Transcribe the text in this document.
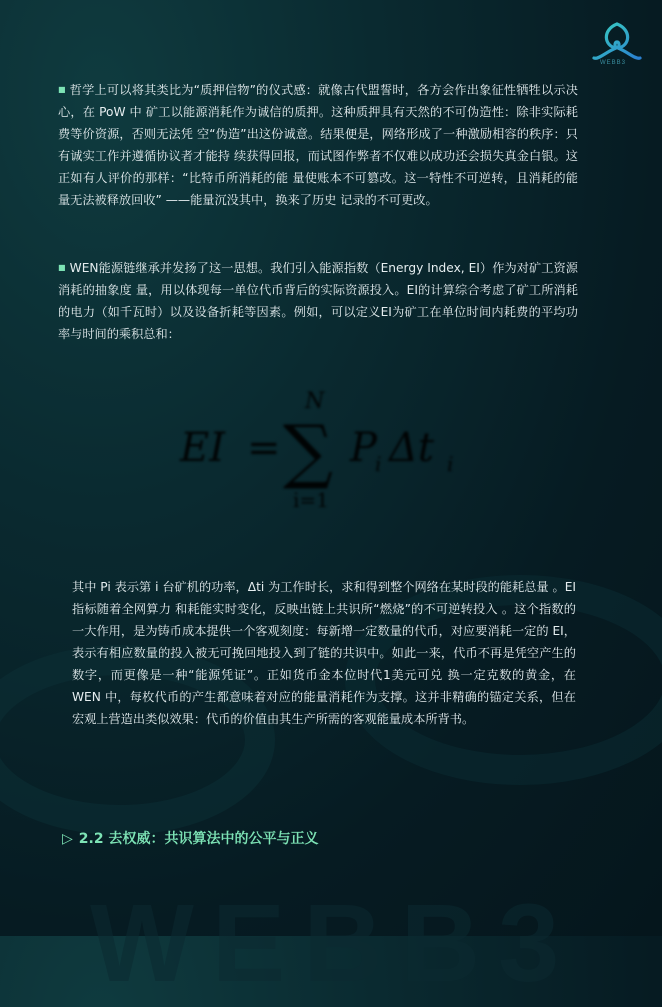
WEBB3
WEBB3
■ 哲学上可以将其类比为“质押信物”的仪式感：就像古代盟誓时，各方会作出象征性牺牲以示决心，在 PoW 中 矿工以能源消耗作为诚信的质押。这种质押具有天然的不可伪造性：除非实际耗费等价资源，否则无法凭 空“伪造”出这份诚意。结果便是，网络形成了一种激励相容的秩序：只有诚实工作并遵循协议者才能持 续获得回报，而试图作弊者不仅难以成功还会损失真金白银。这正如有人评价的那样：“比特币所消耗的能 量使账本不可篡改。这一特性不可逆转，且消耗的能量无法被释放回收” ——能量沉没其中，换来了历史 记录的不可更改。
■ WEN能源链继承并发扬了这一思想。我们引入能源指数（Energy Index, EI）作为对矿工资源消耗的抽象度 量，用以体现每一单位代币背后的实际资源投入。EI的计算综合考虑了矿工所消耗的电力（如千瓦时）以及设备折耗等因素。例如，可以定义EI为矿工在单位时间内耗费的平均功率与时间的乘积总和：
EI =
N
∑
i=1
P
i Δt i
其中 Pi 表示第 i 台矿机的功率，Δti 为工作时长，求和得到整个网络在某时段的能耗总量 。EI指标随着全网算力 和耗能实时变化，反映出链上共识所“燃烧”的不可逆转投入 。这个指数的一大作用，是为铸币成本提供一个客观刻度：每新增一定数量的代币，对应要消耗一定的 EI，表示有相应数量的投入被无可挽回地投入到了链的共识中。如此一来，代币不再是凭空产生的数字，而更像是一种“能源凭证”。正如货币金本位时代1美元可兑 换一定克数的黄金，在 WEN 中，每枚代币的产生都意味着对应的能量消耗作为支撑。这并非精确的锚定关系，但在宏观上营造出类似效果：代币的价值由其生产所需的客观能量成本所背书。
▷ 2.2 去权威：共识算法中的公平与正义
